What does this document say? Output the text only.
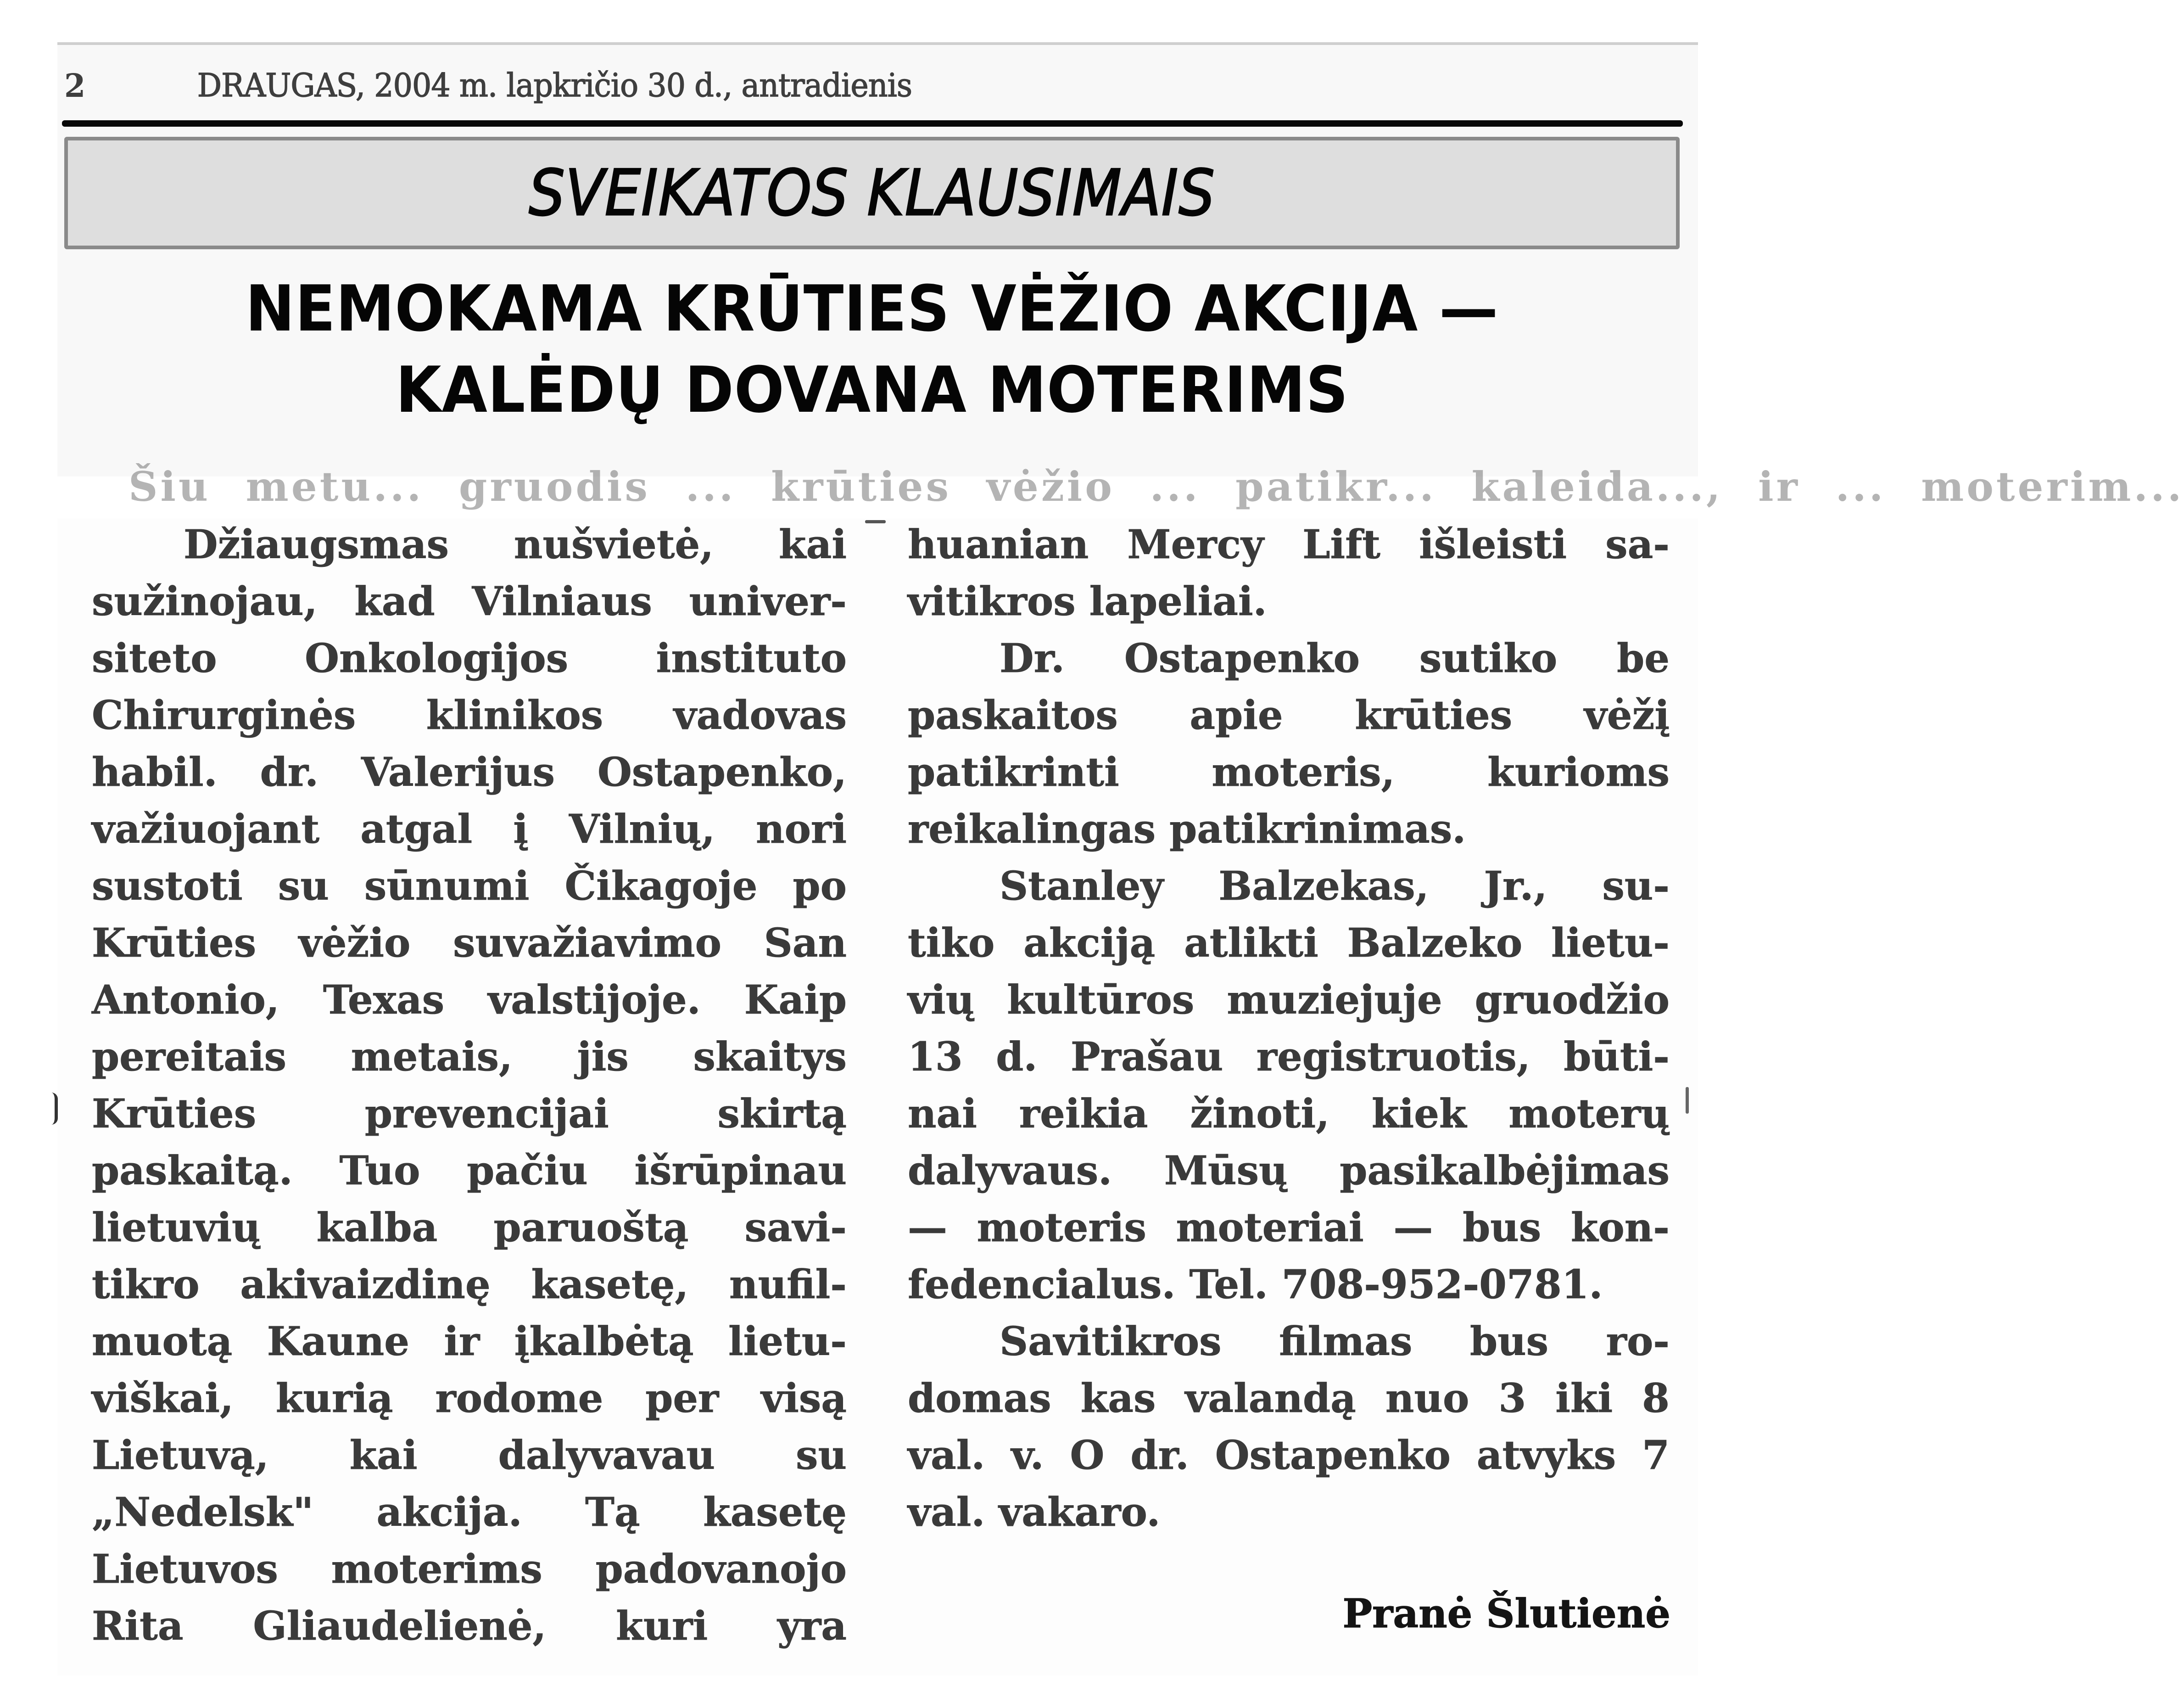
2	DRAUGAS, 2004 m. lapkričio 30 d., antradienis
SVEIKATOS KLAUSIMAIS
NEMOKAMA KRŪTIES VĖŽIO AKCIJA —
KALĖDŲ DOVANA MOTERIMS
Šiu metu... gruodis ... krūties vėžio ... patikr... kaleida..., ir ... moterim...
Džiaugsmas nušvietė, kai
sužinojau, kad Vilniaus univer-
siteto Onkologijos instituto
Chirurginės klinikos vadovas
habil. dr. Valerijus Ostapenko,
važiuojant atgal į Vilnių, nori
sustoti su sūnumi Čikagoje po
Krūties vėžio suvažiavimo San
Antonio, Texas valstijoje. Kaip
pereitais metais, jis skaitys
Krūties prevencijai skirtą
paskaitą. Tuo pačiu išrūpinau
lietuvių kalba paruoštą savi-
tikro akivaizdinę kasetę, nufil-
muotą Kaune ir įkalbėtą lietu-
viškai, kurią rodome per visą
Lietuvą, kai dalyvavau su
„Nedelsk" akcija. Tą kasetę
Lietuvos moterims padovanojo
Rita Gliaudelienė, kuri yra
huanian Mercy Lift išleisti sa-
vitikros lapeliai.
Dr. Ostapenko sutiko be
paskaitos apie krūties vėžį
patikrinti moteris, kurioms
reikalingas patikrinimas.
Stanley Balzekas, Jr., su-
tiko akciją atlikti Balzeko lietu-
vių kultūros muziejuje gruodžio
13 d. Prašau registruotis, būti-
nai reikia žinoti, kiek moterų
dalyvaus. Mūsų pasikalbėjimas
— moteris moteriai — bus kon-
fedencialus. Tel. 708-952-0781.
Savitikros filmas bus ro-
domas kas valandą nuo 3 iki 8
val. v. O dr. Ostapenko atvyks 7
val. vakaro.
Pranė Šlutienė
